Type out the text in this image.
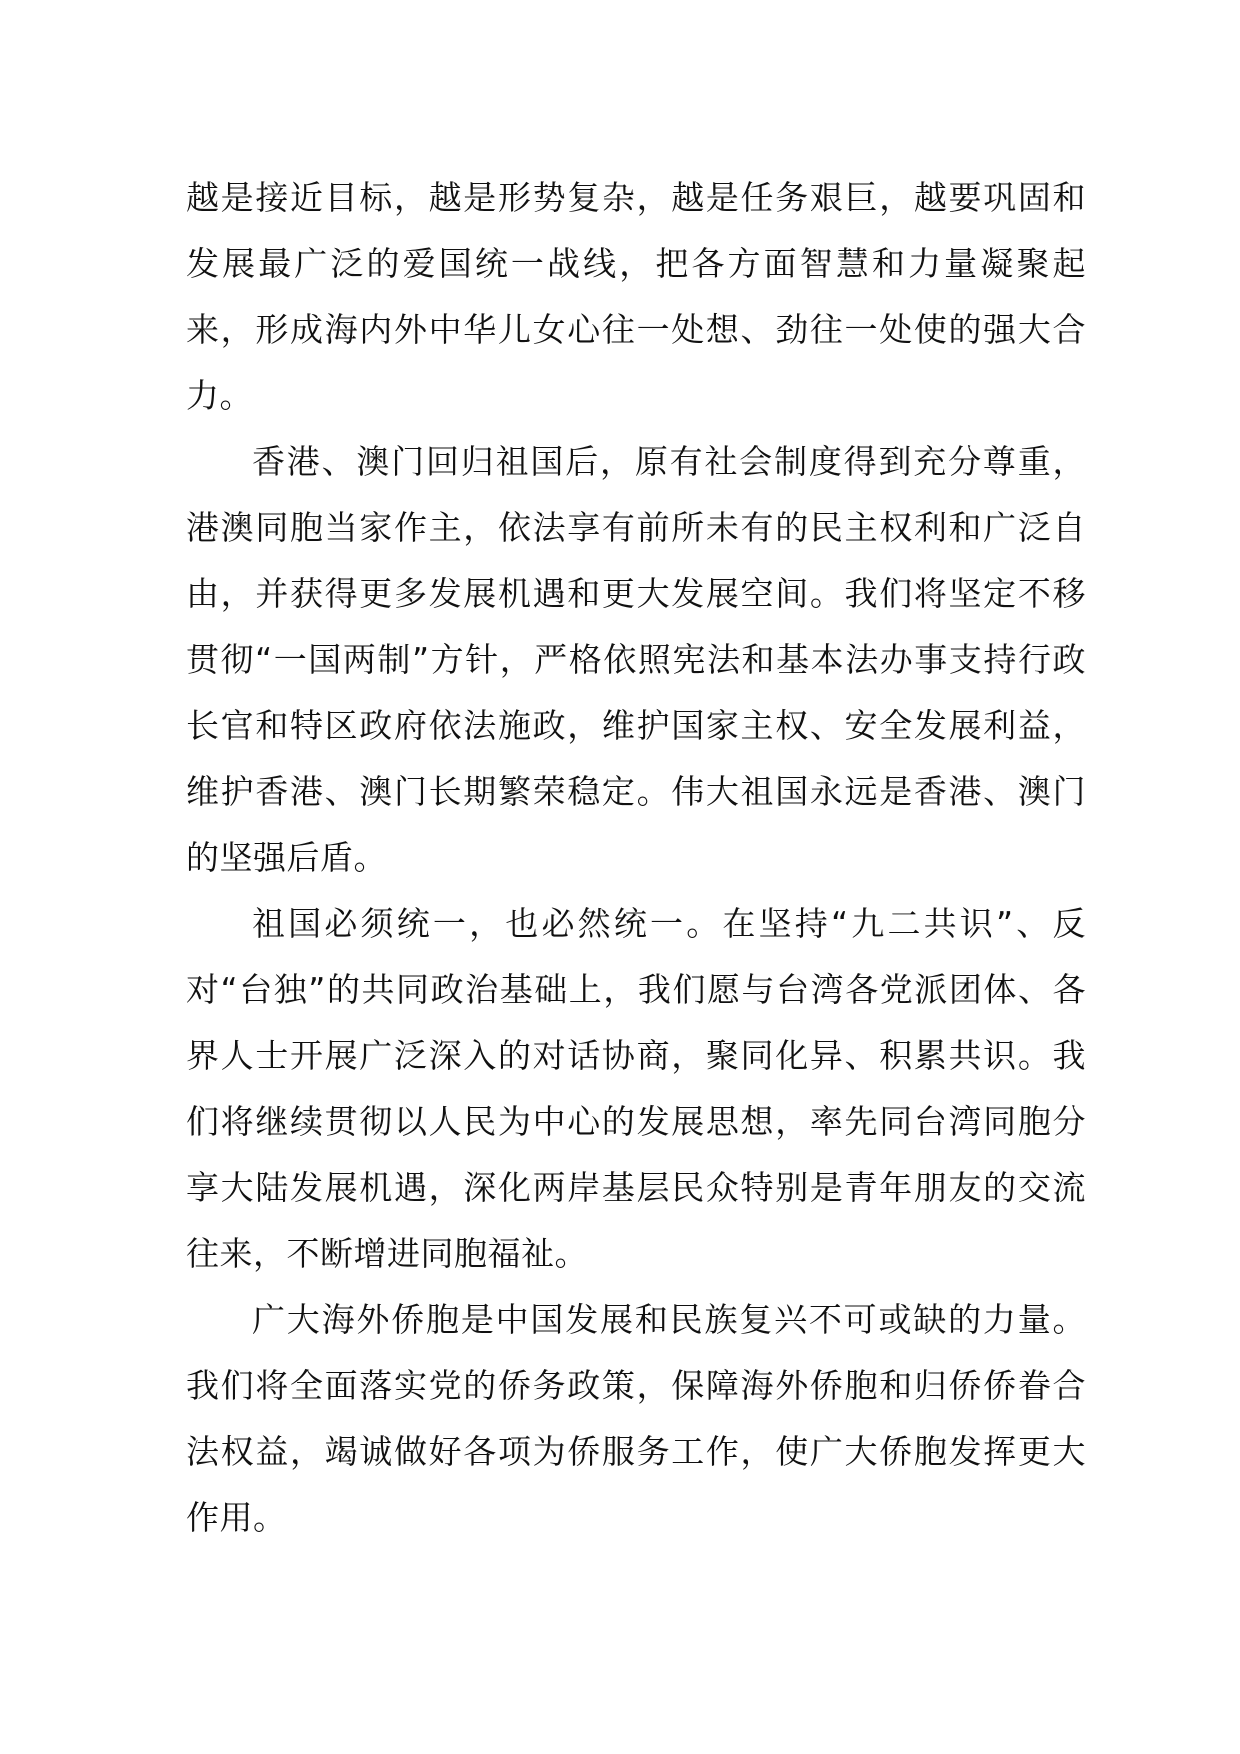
越是接近目标，越是形势复杂，越是任务艰巨，越要巩固和发展最广泛的爱国统一战线，把各方面智慧和力量凝聚起来，形成海内外中华儿女心往一处想、劲往一处使的强大合力。

香港、澳门回归祖国后，原有社会制度得到充分尊重，港澳同胞当家作主，依法享有前所未有的民主权利和广泛自由，并获得更多发展机遇和更大发展空间。我们将坚定不移贯彻“一国两制”方针，严格依照宪法和基本法办事支持行政长官和特区政府依法施政，维护国家主权、安全发展利益，维护香港、澳门长期繁荣稳定。伟大祖国永远是香港、澳门的坚强后盾。

祖国必须统一，也必然统一。在坚持“九二共识”、反对“台独”的共同政治基础上，我们愿与台湾各党派团体、各界人士开展广泛深入的对话协商，聚同化异、积累共识。我们将继续贯彻以人民为中心的发展思想，率先同台湾同胞分享大陆发展机遇，深化两岸基层民众特别是青年朋友的交流往来，不断增进同胞福祉。

广大海外侨胞是中国发展和民族复兴不可或缺的力量。我们将全面落实党的侨务政策，保障海外侨胞和归侨侨眷合法权益，竭诚做好各项为侨服务工作，使广大侨胞发挥更大作用。
